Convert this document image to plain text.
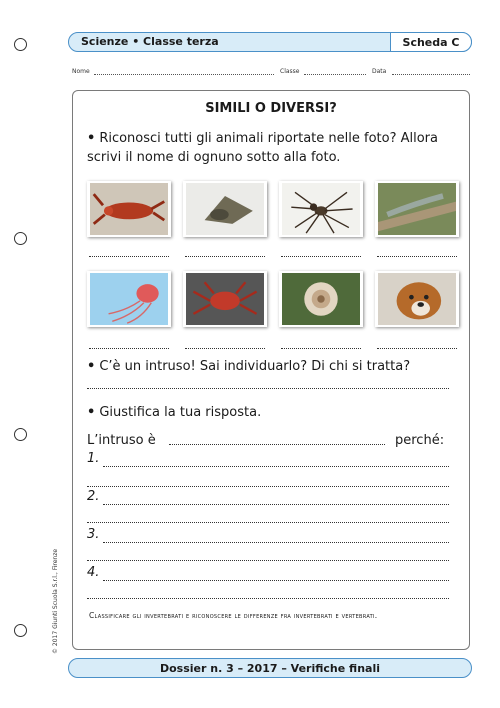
Scienze • Classe terza	Scheda C
Nome	Classe	Data
SIMILI O DIVERSI?
• Riconosci tutti gli animali riportate nelle foto? Allora scrivi il nome di ognuno sotto alla foto.
• C’è un intruso! Sai individuarlo? Di chi si tratta?
• Giustifica la tua risposta.
L’intruso è	perché:
1.
2.
3.
4.
Classificare gli invertebrati e riconoscere le differenze fra invertebrati e vertebrati.
© 2017 Giunti Scuola S.r.l., Firenze
Dossier n. 3 – 2017 – Verifiche finali
